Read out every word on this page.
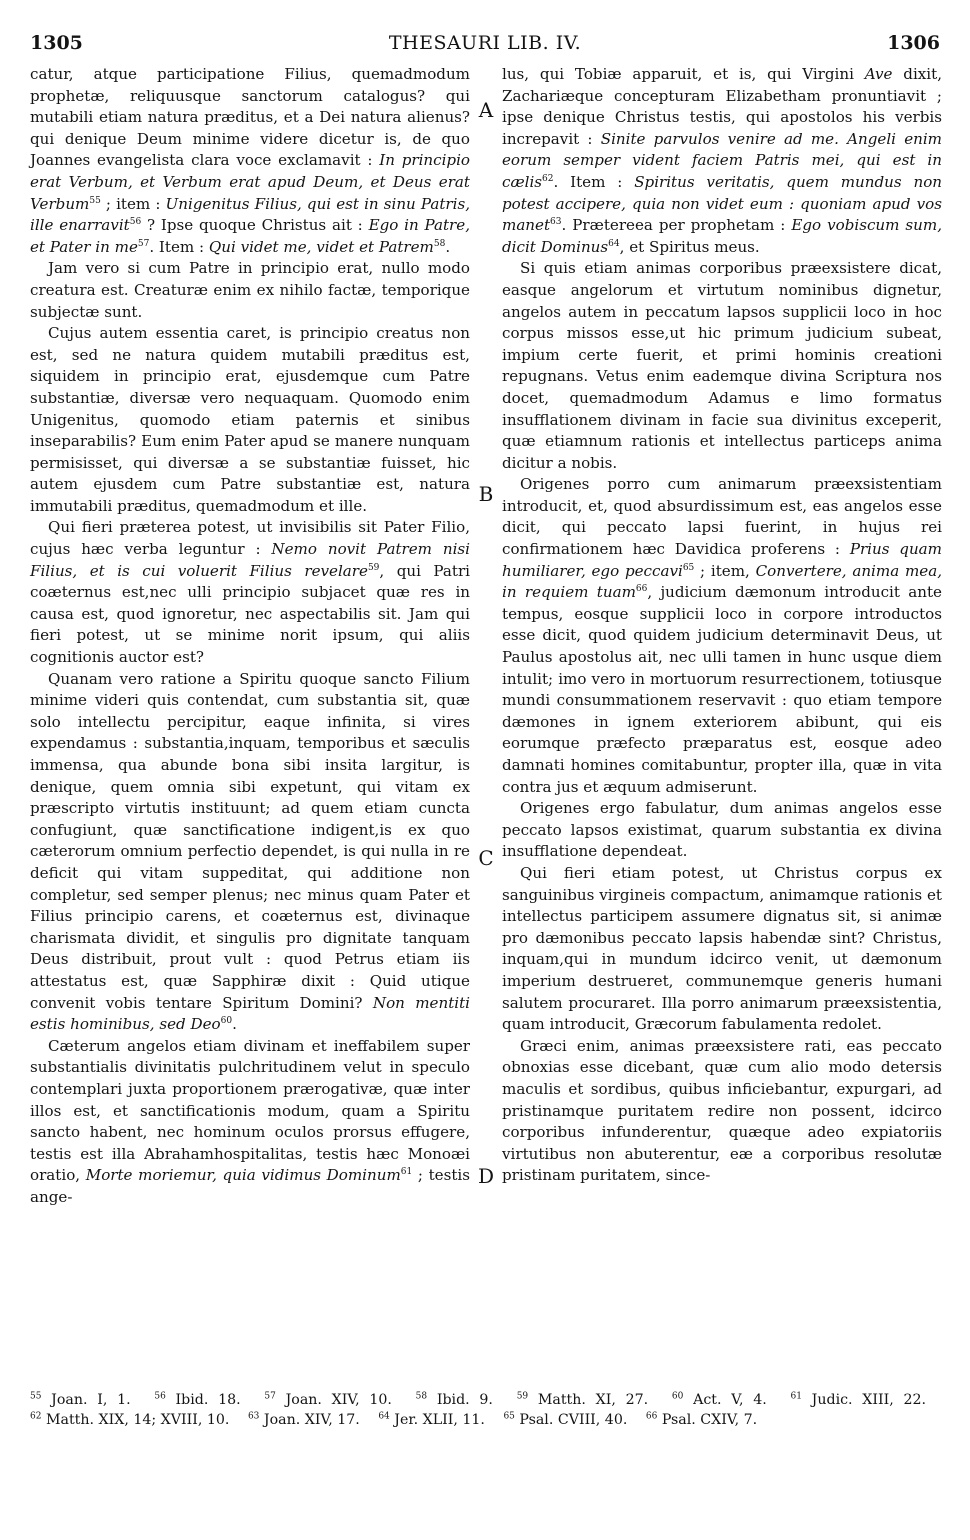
1305	THESAURI LIB. IV.	1306

catur, atque participatione Filius, quemadmodum prophetæ, reliquusque sanctorum catalogus? qui mutabili etiam natura præditus, et a Dei natura alienus? qui denique Deum minime videre dicetur is, de quo Joannes evangelista clara voce exclamavit : In principio erat Verbum, et Verbum erat apud Deum, et Deus erat Verbum$^{55}$ ; item : Unigenitus Filius, qui est in sinu Patris, ille enarravit$^{56}$ ? Ipse quoque Christus ait : Ego in Patre, et Pater in $me^{57}$. Item : Qui videt me, videt et Patrem$^{58}$.

Jam vero si cum Patre in principio erat, nullo modo creatura est. Creaturæ enim ex nihilo factæ, temporique subjectæ sunt.

Cujus autem essentia caret, is principio creatus non est, sed ne natura quidem mutabili præditus est, siquidem in principio erat, ejusdemque cum Patre substantiæ, diversæ vero nequaquam. Quomodo enim Unigenitus, quomodo etiam paternis et sinibus inseparabilis? Eum enim Pater apud se manere nunquam permisisset, qui diversæ a se substantiæ fuisset, hic autem ejusdem cum Patre substantiæ est, natura immutabili præditus, quemadmodum et ille.

Qui fieri præterea potest, ut invisibilis sit Pater Filio, cujus hæc verba leguntur : Nemo novit Patrem nisi Filius, et is cui voluerit Filius revelare$^{59}$, qui Patri coæternus est,nec ulli principio subjacet quæ res in causa est, quod ignoretur, nec aspectabilis sit. Jam qui fieri potest, ut se minime norit ipsum, qui aliis cognitionis auctor est?

Quanam vero ratione a Spiritu quoque sancto Filium minime videri quis contendat, cum substantia sit, quæ solo intellectu percipitur, eaque infinita, si vires expendamus : substantia,inquam, temporibus et sæculis immensa, qua abunde bona sibi insita largitur, is denique, quem omnia sibi expetunt, qui vitam ex præscripto virtutis instituunt; ad quem etiam cuncta confugiunt, quæ sanctificatione indigent,is ex quo cæterorum omnium perfectio dependet, is qui nulla in re deficit qui vitam suppeditat, qui additione non completur, sed semper plenus; nec minus quam Pater et Filius principio carens, et coæternus est, divinaque charismata dividit, et singulis pro dignitate tanquam Deus distribuit, prout vult : quod Petrus etiam iis attestatus est, quæ Sapphiræ dixit : Quid utique convenit vobis tentare Spiritum Domini? Non mentiti estis hominibus, sed Deo$^{60}$.

Cæterum angelos etiam divinam et ineffabilem super substantialis divinitatis pulchritudinem velut in speculo contemplari juxta proportionem prærogativæ, quæ inter illos est, et sanctificationis modum, quam a Spiritu sancto habent, nec hominum oculos prorsus effugere, testis est illa Abrahamhospitalitas, testis hæc Monoæi oratio, Morte moriemur, quia vidimus Dominum$^{61}$ ; testis ange-

A
B
C
D

lus, qui Tobiæ apparuit, et is, qui Virgini Ave dixit, Zachariæque concepturam Elizabetham pronuntiavit ; ipse denique Christus testis, qui apostolos his verbis increpavit : Sinite parvulos venire ad me. Angeli enim eorum semper vident faciem Patris mei, qui est in cælis$^{62}$. Item : Spiritus veritatis, quem mundus non potest accipere, quia non videt eum : quoniam apud vos manet$^{63}$. Prætereea per prophetam : Ego vobiscum sum, dicit Dominus$^{64}$, et Spiritus meus.

Si quis etiam animas corporibus præexsistere dicat, easque angelorum et virtutum nominibus dignetur, angelos autem in peccatum lapsos supplicii loco in hoc corpus missos esse,ut hic primum judicium subeat, impium certe fuerit, et primi hominis creationi repugnans. Vetus enim eademque divina Scriptura nos docet, quemadmodum Adamus e limo formatus insufflationem divinam in facie sua divinitus exceperit, quæ etiamnum rationis et intellectus particeps anima dicitur a nobis.

Origenes porro cum animarum præexsistentiam introducit, et, quod absurdissimum est, eas angelos esse dicit, qui peccato lapsi fuerint, in hujus rei confirmationem hæc Davidica proferens : Prius quam humiliarer, ego peccavi$^{65}$ ; item, Convertere, anima mea, in requiem tuam$^{66}$, judicium dæmonum introducit ante tempus, eosque supplicii loco in corpore introductos esse dicit, quod quidem judicium determinavit Deus, ut Paulus apostolus ait, nec ulli tamen in hunc usque diem intulit; imo vero in mortuorum resurrectionem, totiusque mundi consummationem reservavit : quo etiam tempore dæmones in ignem exteriorem abibunt, qui eis eorumque præfecto præparatus est, eosque adeo damnati homines comitabuntur, propter illa, quæ in vita contra jus et æquum admiserunt.

Origenes ergo fabulatur, dum animas angelos esse peccato lapsos existimat, quarum substantia ex divina insufflatione dependeat.

Qui fieri etiam potest, ut Christus corpus ex sanguinibus virgineis compactum, animamque rationis et intellectus participem assumere dignatus sit, si animæ pro dæmonibus peccato lapsis habendæ sint? Christus, inquam,qui in mundum idcirco venit, ut dæmonum imperium destrueret, communemque generis humani salutem procuraret. Illa porro animarum præexsistentia, quam introducit, Græcorum fabulamenta redolet.

Græci enim, animas præexsistere rati, eas peccato obnoxias esse dicebant, quæ cum alio modo detersis maculis et sordibus, quibus inficiebantur, expurgari, ad pristinamque puritatem redire non possent, idcirco corporibus infunderentur, quæque adeo expiatoriis virtutibus non abuterentur, eæ a corporibus resolutæ pristinam puritatem, since-

$^{55}$ Joan. I, 1.	$^{56}$ Ibid. 18.	$^{57}$ Joan. XIV, 10.	$^{58}$ Ibid. 9.	$^{59}$ Matth. XI, 27.	$^{60}$ Act. V, 4.	$^{61}$ Judic. XIII, 22. $^{62}$ Matth. XIX, 14; XVIII, 10. $^{63}$ Joan. XIV, 17. $^{64}$ Jer. XLII, 11. $^{65}$ Psal. CVIII, 40. $^{66}$ Psal. CXIV, 7.
